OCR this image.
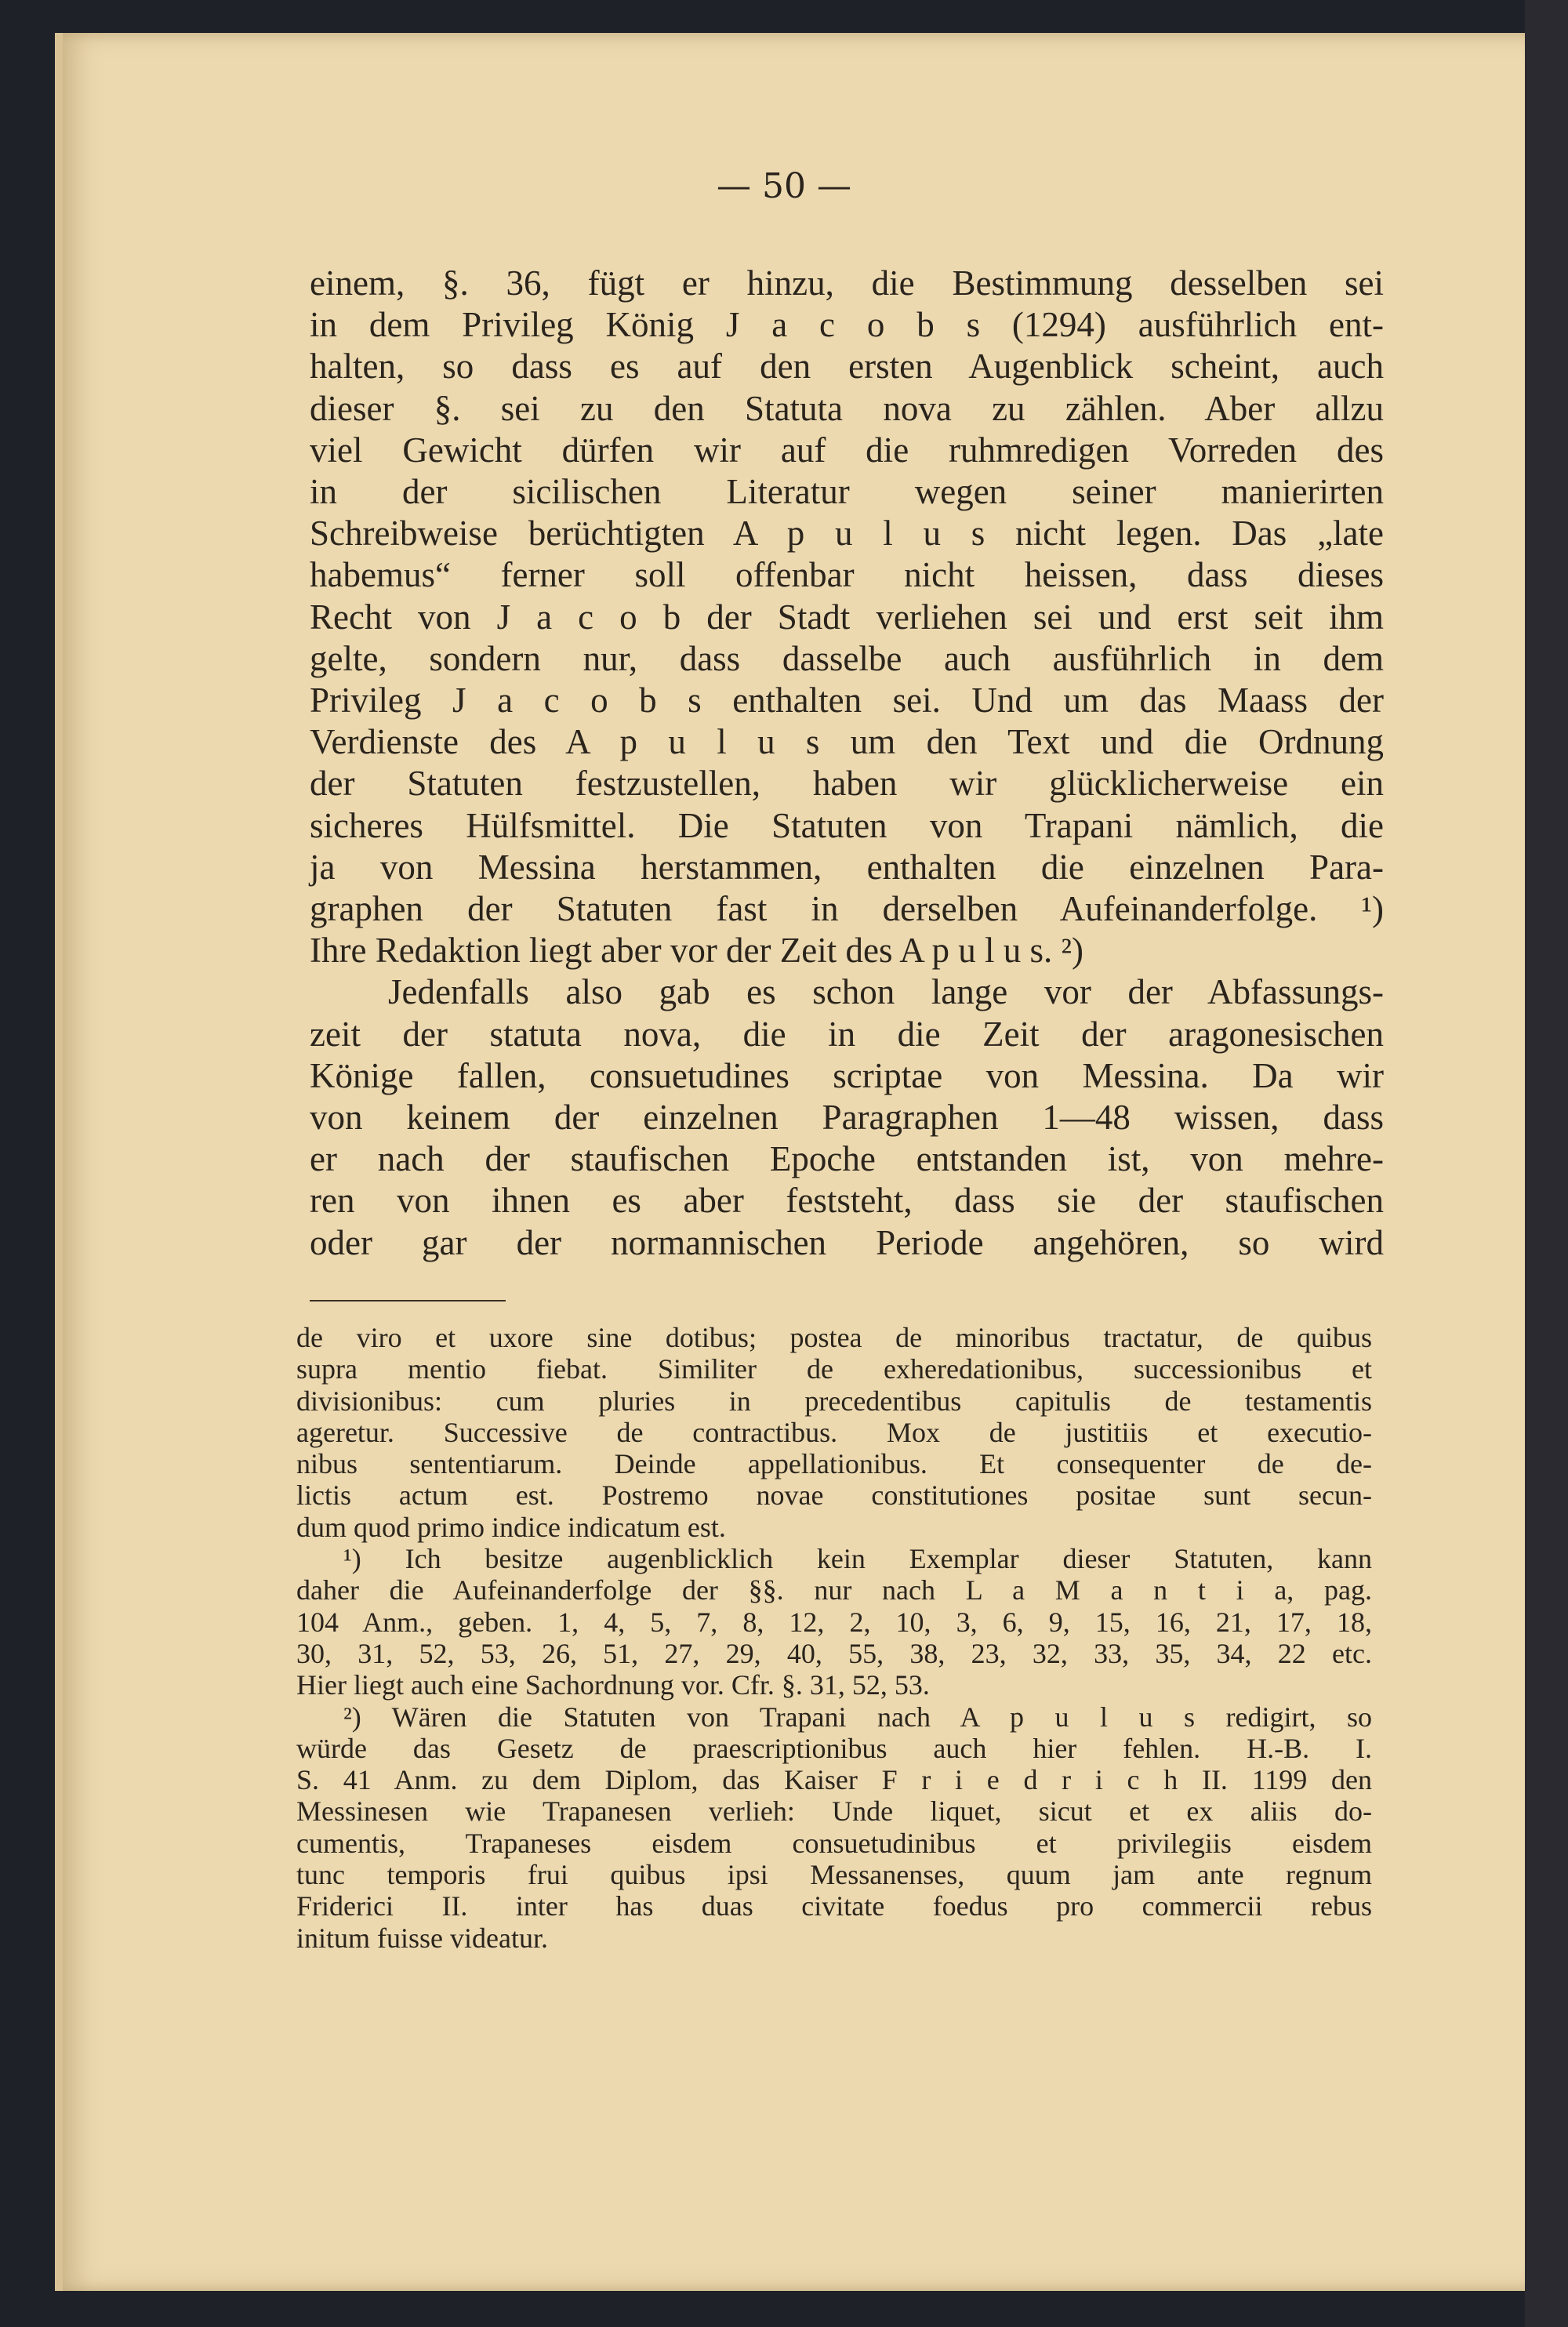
— 50 —
einem, §. 36, fügt er hinzu, die Bestimmung desselben sei
in dem Privileg König J a c o b s (1294) ausführlich ent-
halten, so dass es auf den ersten Augenblick scheint, auch
dieser §. sei zu den Statuta nova zu zählen. Aber allzu
viel Gewicht dürfen wir auf die ruhmredigen Vorreden des
in der sicilischen Literatur wegen seiner manierirten
Schreibweise berüchtigten A p u l u s nicht legen. Das „late
habemus“ ferner soll offenbar nicht heissen, dass dieses
Recht von J a c o b der Stadt verliehen sei und erst seit ihm
gelte, sondern nur, dass dasselbe auch ausführlich in dem
Privileg J a c o b s enthalten sei. Und um das Maass der
Verdienste des A p u l u s um den Text und die Ordnung
der Statuten festzustellen, haben wir glücklicherweise ein
sicheres Hülfsmittel. Die Statuten von Trapani nämlich, die
ja von Messina herstammen, enthalten die einzelnen Para-
graphen der Statuten fast in derselben Aufeinanderfolge. ¹)
Ihre Redaktion liegt aber vor der Zeit des A p u l u s. ²)
Jedenfalls also gab es schon lange vor der Abfassungs-
zeit der statuta nova, die in die Zeit der aragonesischen
Könige fallen, consuetudines scriptae von Messina. Da wir
von keinem der einzelnen Paragraphen 1—48 wissen, dass
er nach der staufischen Epoche entstanden ist, von mehre-
ren von ihnen es aber feststeht, dass sie der staufischen
oder gar der normannischen Periode angehören, so wird
de viro et uxore sine dotibus; postea de minoribus tractatur, de quibus
supra mentio fiebat. Similiter de exheredationibus, successionibus et
divisionibus: cum pluries in precedentibus capitulis de testamentis
ageretur. Successive de contractibus. Mox de justitiis et executio-
nibus sententiarum. Deinde appellationibus. Et consequenter de de-
lictis actum est. Postremo novae constitutiones positae sunt secun-
dum quod primo indice indicatum est.
¹) Ich besitze augenblicklich kein Exemplar dieser Statuten, kann
daher die Aufeinanderfolge der §§. nur nach L a M a n t i a, pag.
104 Anm., geben. 1, 4, 5, 7, 8, 12, 2, 10, 3, 6, 9, 15, 16, 21, 17, 18,
30, 31, 52, 53, 26, 51, 27, 29, 40, 55, 38, 23, 32, 33, 35, 34, 22 etc.
Hier liegt auch eine Sachordnung vor. Cfr. §. 31, 52, 53.
²) Wären die Statuten von Trapani nach A p u l u s redigirt, so
würde das Gesetz de praescriptionibus auch hier fehlen. H.-B. I.
S. 41 Anm. zu dem Diplom, das Kaiser F r i e d r i c h II. 1199 den
Messinesen wie Trapanesen verlieh: Unde liquet, sicut et ex aliis do-
cumentis, Trapaneses eisdem consuetudinibus et privilegiis eisdem
tunc temporis frui quibus ipsi Messanenses, quum jam ante regnum
Friderici II. inter has duas civitate foedus pro commercii rebus
initum fuisse videatur.
